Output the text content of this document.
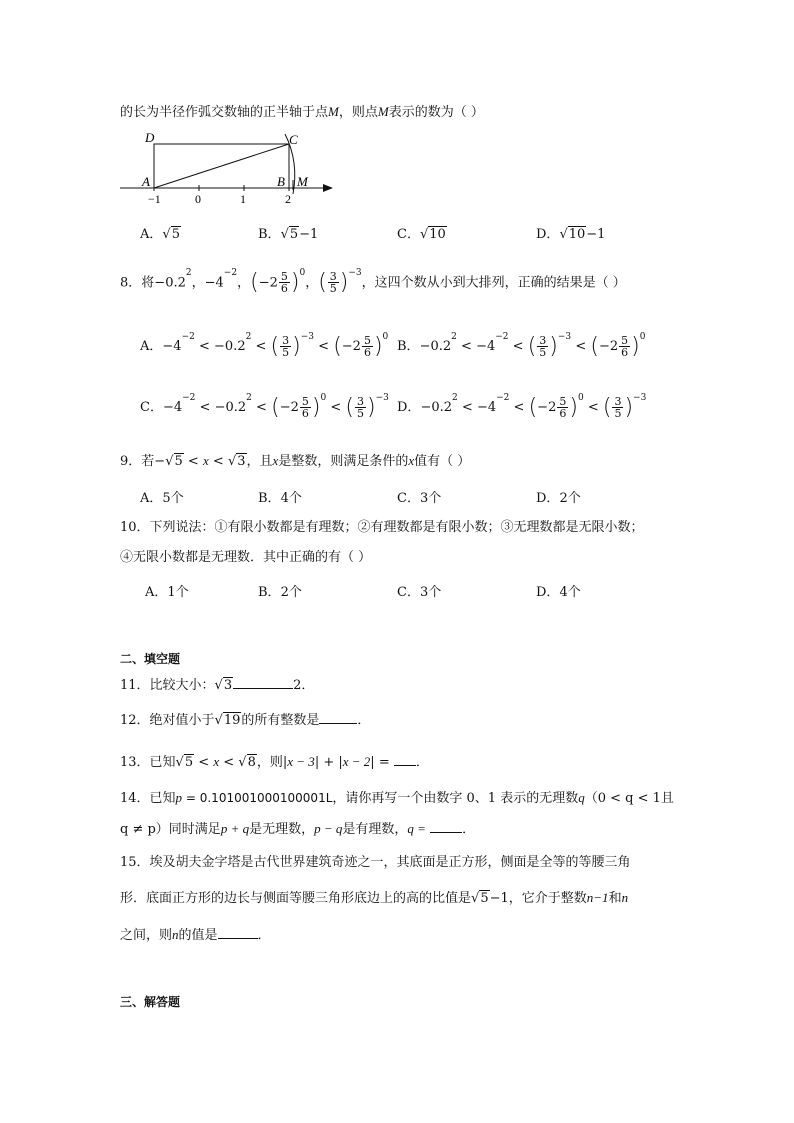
的长为半径作弧交数轴的正半轴于点M，则点M表示的数为（ ）
D	C
A	B M
−1	0	1	2
A．√5	B．√5−1	C．√10	D．√10−1
8．将$-0.2^2$，$-4^{-2}$，$(-2 \frac{5}{6} )^0$，( $\frac{3}{5} )^{-3}$，这四个数从小到大排列，正确的结果是（ ）
A．$-4^{-2} < -0.2^2$ < ( $\frac{3}{5} )^{-3} < (-2 \frac{5}{6} )^0$
B．$-0.2^2 < -4^{-2}$ < ( $\frac{3}{5} )^{-3} < (-2 \frac{5}{6} )^0$
C．$-4^{-2} < -0.2^2 < (-2 \frac{5}{6} )^0$ < ( $\frac{3}{5} )^{-3}$
D．$-0.2^2 < -4^{-2} < (-2 \frac{5}{6} )^0$ < ( $\frac{3}{5} )^{-3}$
9．若−√5 < x < √3，且x是整数，则满足条件的x值有（ ）
A．5个	B．4个	C．3个	D．2个
10．下列说法：①有限小数都是有理数；②有理数都是有限小数；③无理数都是无限小数；
④无限小数都是无理数．其中正确的有（ ）
A．1个	B．2个	C．3个	D．4个
二、填空题
11．比较大小：√3	2．
12．绝对值小于√19的所有整数是	．
13．已知√5 < x < √8，则|x − 3| + |x − 2| = ．
14．已知p = 0.101001000100001L，请你再写一个由数字 0、1 表示的无理数q（0 < q < 1且
q ≠ p）同时满足p + q是无理数，p − q是有理数，q =	．
15．埃及胡夫金字塔是古代世界建筑奇迹之一，其底面是正方形，侧面是全等的等腰三角
形．底面正方形的边长与侧面等腰三角形底边上的高的比值是√5−1，它介于整数n−1和n
之间，则n的值是	．
三、解答题
